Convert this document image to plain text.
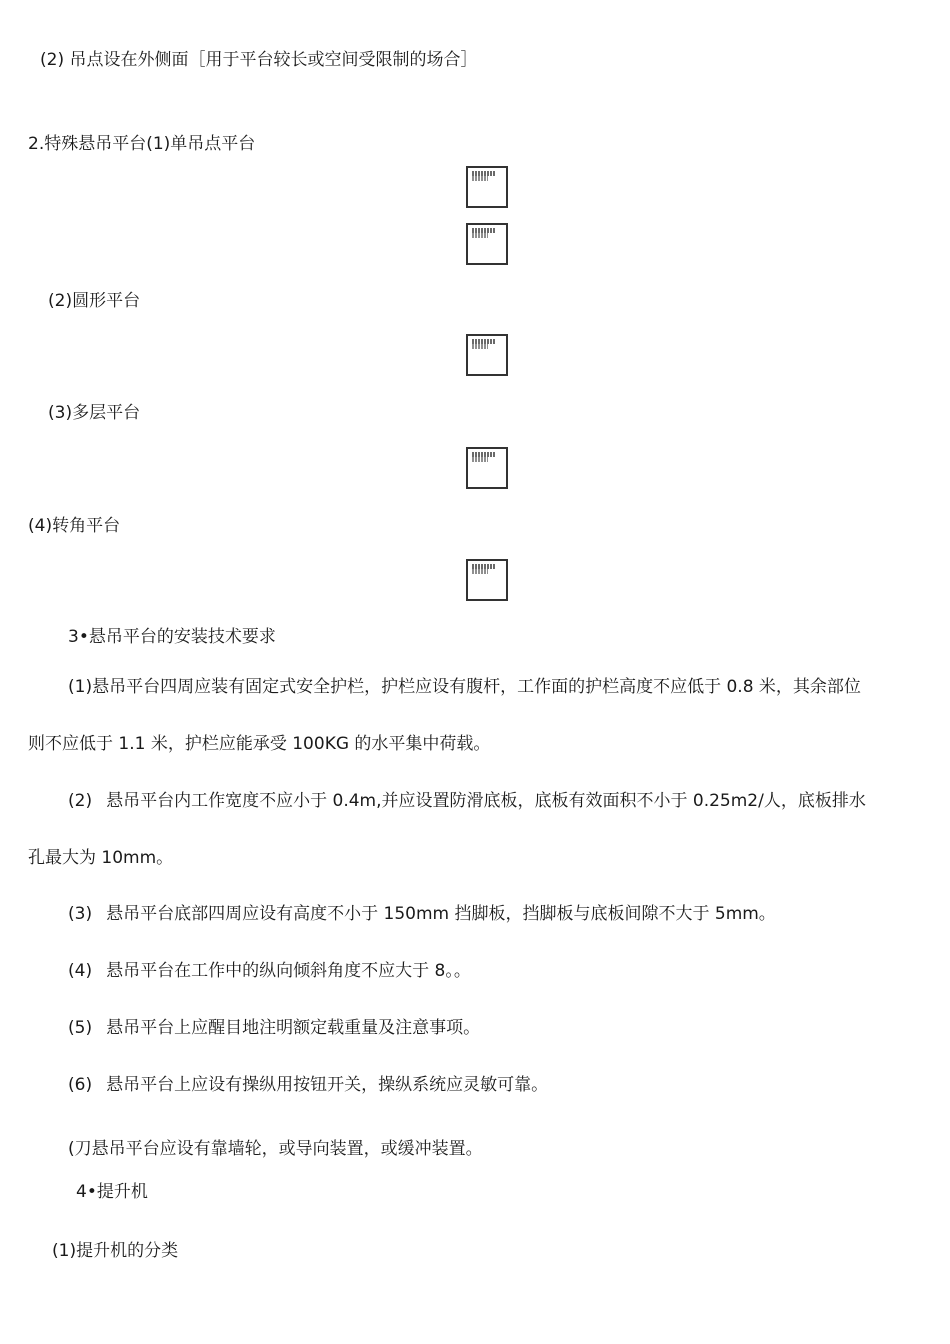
(2) 吊点设在外侧面［用于平台较长或空间受限制的场合］
2.特殊悬吊平台(1)单吊点平台
(2)圆形平台
(3)多层平台
(4)转角平台
3•悬吊平台的安装技术要求
(1)悬吊平台四周应装有固定式安全护栏，护栏应设有腹杆，工作面的护栏高度不应低于 0.8 米，其余部位
则不应低于 1.1 米，护栏应能承受 100KG 的水平集中荷载。
(2) 悬吊平台内工作宽度不应小于 0.4m,并应设置防滑底板，底板有效面积不小于 0.25m2/人，底板排水
孔最大为 10mm。
(3) 悬吊平台底部四周应设有高度不小于 150mm 挡脚板，挡脚板与底板间隙不大于 5mm。
(4) 悬吊平台在工作中的纵向倾斜角度不应大于 8。。
(5) 悬吊平台上应醒目地注明额定载重量及注意事项。
(6) 悬吊平台上应设有操纵用按钮开关，操纵系统应灵敏可靠。
(刀悬吊平台应设有靠墙轮，或导向装置，或缓冲装置。
4•提升机
(1)提升机的分类
